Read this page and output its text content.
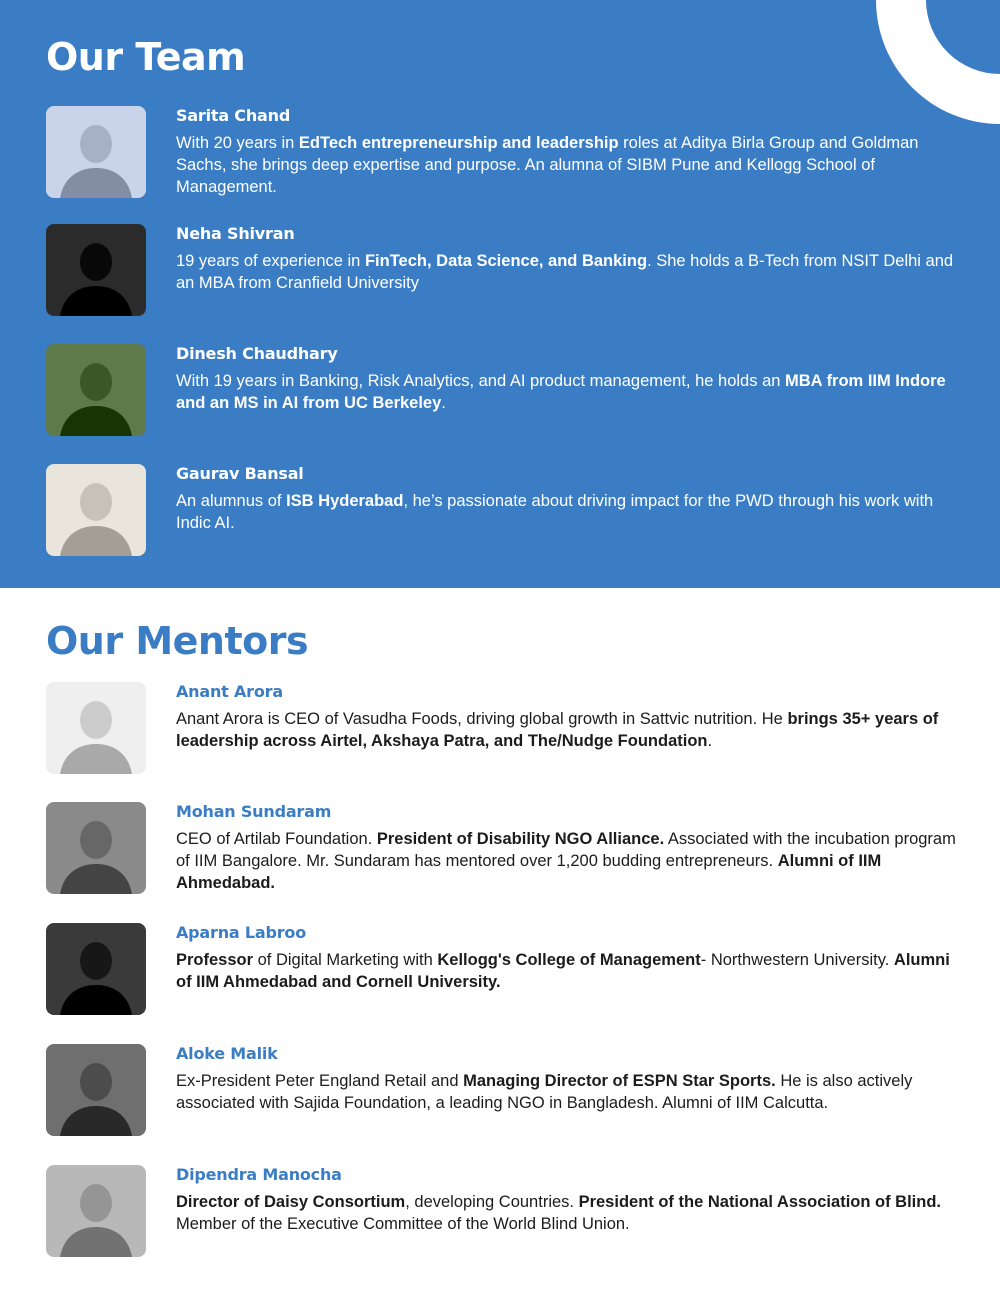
Our Team
Sarita Chand
With 20 years in EdTech entrepreneurship and leadership roles at Aditya Birla Group and Goldman Sachs, she brings deep expertise and purpose. An alumna of SIBM Pune and Kellogg School of Management.
Neha Shivran
19 years of experience in FinTech, Data Science, and Banking. She holds a B-Tech from NSIT Delhi and an MBA from Cranfield University
Dinesh Chaudhary
With 19 years in Banking, Risk Analytics, and AI product management, he holds an MBA from IIM Indore and an MS in AI from UC Berkeley.
Gaurav Bansal
An alumnus of ISB Hyderabad, he’s passionate about driving impact for the PWD through his work with Indic AI.
Our Mentors
Anant Arora
Anant Arora is CEO of Vasudha Foods, driving global growth in Sattvic nutrition. He brings 35+ years of leadership across Airtel, Akshaya Patra, and The/Nudge Foundation.
Mohan Sundaram
CEO of Artilab Foundation. President of Disability NGO Alliance. Associated with the incubation program of IIM Bangalore. Mr. Sundaram has mentored over 1,200 budding entrepreneurs. Alumni of IIM Ahmedabad.
Aparna Labroo
Professor of Digital Marketing with Kellogg's College of Management- Northwestern University. Alumni of IIM Ahmedabad and Cornell University.
Aloke Malik
Ex-President Peter England Retail and Managing Director of ESPN Star Sports. He is also actively associated with Sajida Foundation, a leading NGO in Bangladesh. Alumni of IIM Calcutta.
Dipendra Manocha
Director of Daisy Consortium, developing Countries. President of the National Association of Blind. Member of the Executive Committee of the World Blind Union.
